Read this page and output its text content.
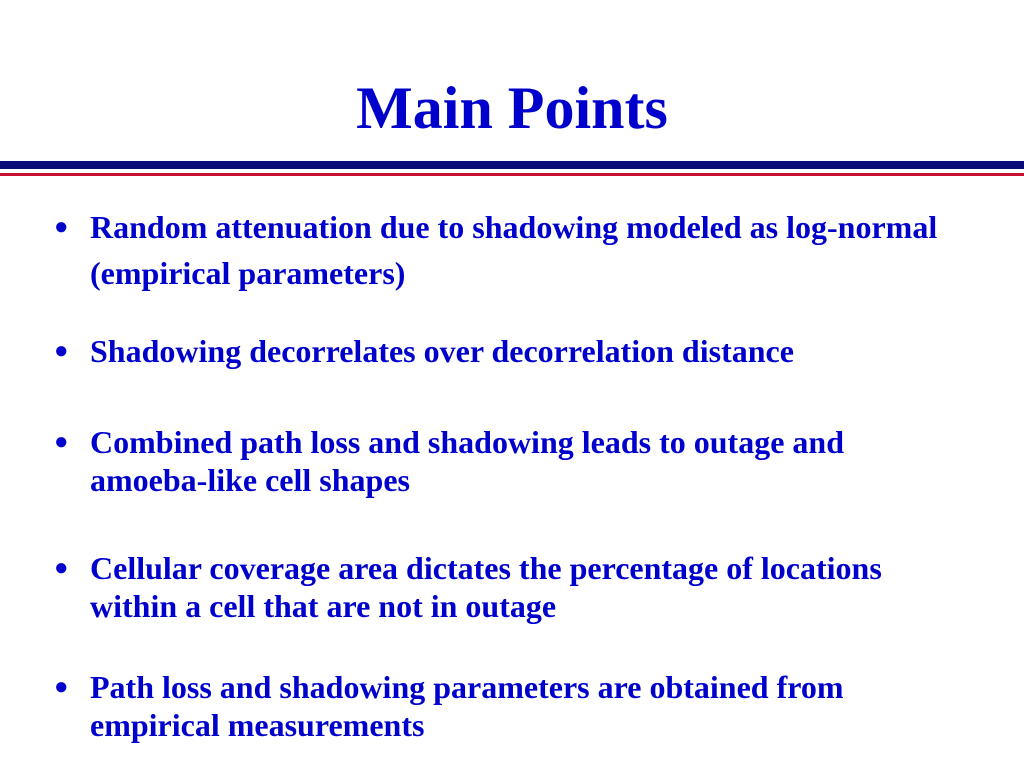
Main Points
● Random attenuation due to shadowing modeled as log-normal (empirical parameters)
● Shadowing decorrelates over decorrelation distance
● Combined path loss and shadowing leads to outage and amoeba-like cell shapes
● Cellular coverage area dictates the percentage of locations within a cell that are not in outage
● Path loss and shadowing parameters are obtained from empirical measurements
